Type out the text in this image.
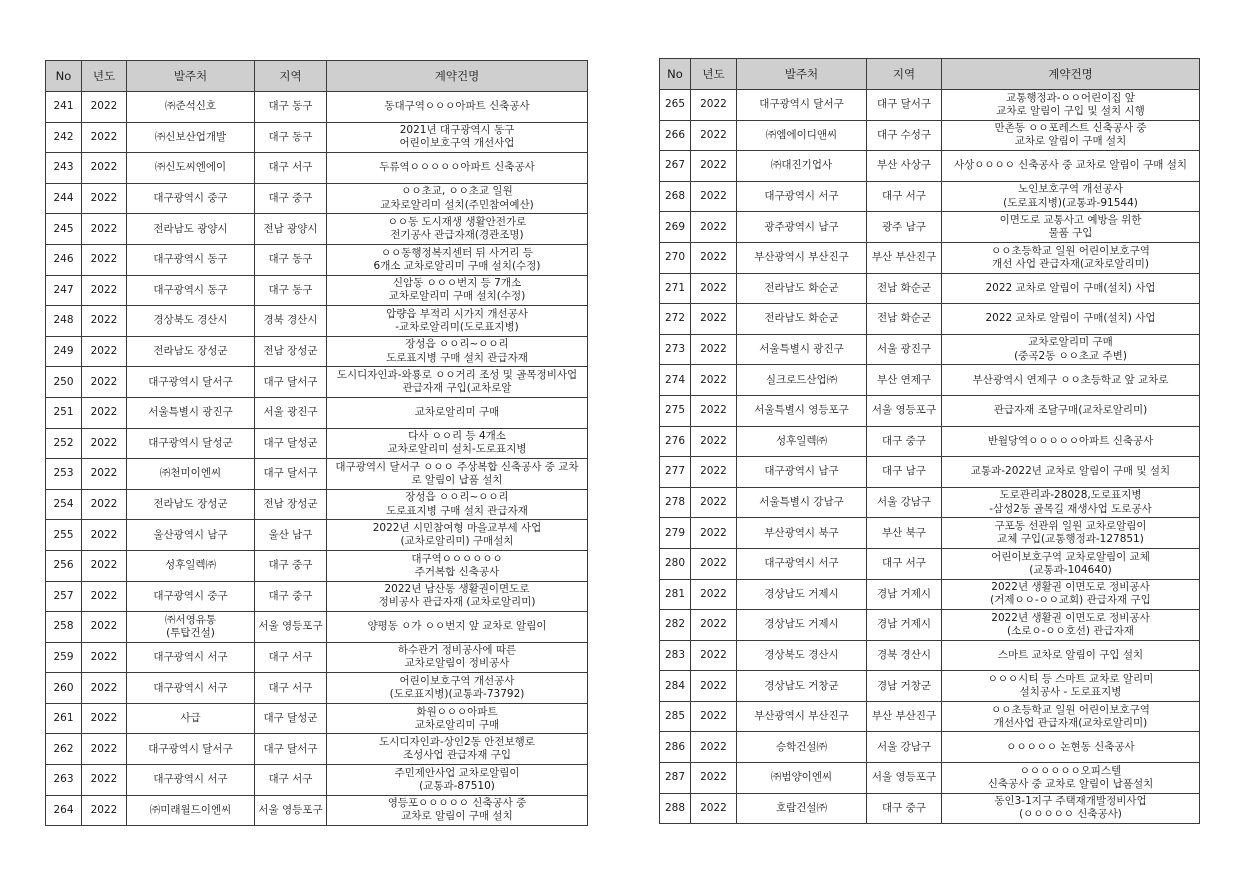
No	년도	발주처	지역	계약건명
241	2022	㈜준석신호	대구 동구	동대구역ㅇㅇㅇ아파트 신축공사
242	2022	㈜신보산업개발	대구 동구	2021년 대구광역시 동구
어린이보호구역 개선사업

243	2022	㈜신도씨엔에이	대구 서구	두류역ㅇㅇㅇㅇㅇ아파트 신축공사
244	2022	대구광역시 중구	대구 중구	ㅇㅇ초교, ㅇㅇ초교 일원
교차로알리미 설치(주민참여예산)

245	2022	전라남도 광양시	전남 광양시	ㅇㅇ동 도시재생 생활안전가로
전기공사 관급자재(경관조명)

246	2022	대구광역시 동구	대구 동구	ㅇㅇ동행정복지센터 뒤 사거리 등
6개소 교차로알리미 구매 설치(수정)

247	2022	대구광역시 동구	대구 동구	신암동 ㅇㅇㅇ번지 등 7개소
교차로알리미 구매 설치(수정)

248	2022	경상북도 경산시	경북 경산시	압량읍 부적리 시가지 개선공사
-교차로알리미(도로표지병)

249	2022	전라남도 장성군	전남 장성군	장성읍 ㅇㅇ리~ㅇㅇ리
도로표지병 구매 설치 관급자재

250	2022	대구광역시 달서구	대구 달서구	도시디자인과-와룡로 ㅇㅇ거리 조성 및 골목정비사업
관급자재 구입(교차로알

251	2022	서울특별시 광진구	서울 광진구	교차로알리미 구매
252	2022	대구광역시 달성군	대구 달성군	다사 ㅇㅇ리 등 4개소
교차로알리미 설치-도로표지병

253	2022	㈜천미이엔씨	대구 달서구	대구광역시 달서구 ㅇㅇㅇ 주상복합 신축공사 중 교차
로 알림이 납품 설치

254	2022	전라남도 장성군	전남 장성군	장성읍 ㅇㅇ리~ㅇㅇ리
도로표지병 구매 설치 관급자재

255	2022	울산광역시 남구	울산 남구	2022년 시민참여형 마을교부세 사업
(교차로알리미) 구매설치

256	2022	성후일렉㈜	대구 중구	대구역ㅇㅇㅇㅇㅇㅇ
주거복합 신축공사

257	2022	대구광역시 중구	대구 중구	2022년 남산동 생활권이면도로
정비공사 관급자재 (교차로알리미)

258	2022	㈜서영유통
(투탑건설)	서울 영등포구	양평동 ㅇ가 ㅇㅇ번지 앞 교차로 알림이
259	2022	대구광역시 서구	대구 서구	하수관거 정비공사에 따른
교차로알림이 정비공사

260	2022	대구광역시 서구	대구 서구	어린이보호구역 개선공사
(도로표지병)(교통과-73792)

261	2022	사급	대구 달성군	화원ㅇㅇㅇ아파트
교차로알리미 구매

262	2022	대구광역시 달서구	대구 달서구	도시디자인과-상인2동 안전보행로
조성사업 관급자재 구입

263	2022	대구광역시 서구	대구 서구	주민제안사업 교차로알림이
(교통과-87510)

264	2022	㈜미래월드이엔씨	서울 영등포구	영등포ㅇㅇㅇㅇㅇ 신축공사 중
교차로 알림이 구매 설치
No	년도	발주처	지역	계약건명
265	2022	대구광역시 달서구	대구 달서구	교통행정과-ㅇㅇ어린이집 앞
교차로 알림이 구입 및 설치 시행

266	2022	㈜엠에이디앤씨	대구 수성구	만촌동 ㅇㅇ포레스트 신축공사 중
교차로 알림이 구매 설치

267	2022	㈜대진기업사	부산 사상구	사상ㅇㅇㅇㅇ 신축공사 중 교차로 알림이 구매 설치
268	2022	대구광역시 서구	대구 서구	노인보호구역 개선공사
(도로표지병)(교통과-91544)

269	2022	광주광역시 남구	광주 남구	이면도로 교통사고 예방을 위한
물품 구입

270	2022	부산광역시 부산진구	부산 부산진구	ㅇㅇ초등학교 일원 어린이보호구역
개선 사업 관급자재(교차로알리미)

271	2022	전라남도 화순군	전남 화순군	2022 교차로 알림이 구매(설치) 사업
272	2022	전라남도 화순군	전남 화순군	2022 교차로 알림이 구매(설치) 사업
273	2022	서울특별시 광진구	서울 광진구	교차로알리미 구매
(중곡2동 ㅇㅇ초교 주변)

274	2022	실크로드산업㈜	부산 연제구	부산광역시 연제구 ㅇㅇ초등학교 앞 교차로
275	2022	서울특별시 영등포구	서울 영등포구	관급자재 조달구매(교차로알리미)
276	2022	성후일렉㈜	대구 중구	반월당역ㅇㅇㅇㅇㅇ아파트 신축공사
277	2022	대구광역시 남구	대구 남구	교통과-2022년 교차로 알림이 구매 및 설치
278	2022	서울특별시 강남구	서울 강남구	도로관리과-28028,도로표지병
-삼성2동 골목길 재생사업 도로공사

279	2022	부산광역시 북구	부산 북구	구포동 선관위 일원 교차로알림이
교체 구입(교통행정과-127851)

280	2022	대구광역시 서구	대구 서구	어린이보호구역 교차로알림이 교체
(교통과-104640)

281	2022	경상남도 거제시	경남 거제시	2022년 생활권 이면도로 정비공사
(거제ㅇㅇ-ㅇㅇ교회) 관급자재 구입

282	2022	경상남도 거제시	경남 거제시	2022년 생활권 이면도로 정비공사
(소로ㅇ-ㅇㅇ호선) 관급자재

283	2022	경상북도 경산시	경북 경산시	스마트 교차로 알림이 구입 설치
284	2022	경상남도 거창군	경남 거창군	ㅇㅇㅇ시티 등 스마트 교차로 알리미
설치공사 - 도로표지병

285	2022	부산광역시 부산진구	부산 부산진구	ㅇㅇ초등학교 일원 어린이보호구역
개선사업 관급자재(교차로알리미)

286	2022	승학건설㈜	서울 강남구	ㅇㅇㅇㅇㅇ 논현동 신축공사
287	2022	㈜범양이엔씨	서울 영등포구	ㅇㅇㅇㅇㅇㅇ오피스텔
신축공사 중 교차로 알림이 납품설치

288	2022	호람건설㈜	대구 중구	동인3-1지구 주택재개발정비사업
(ㅇㅇㅇㅇㅇ 신축공사)
